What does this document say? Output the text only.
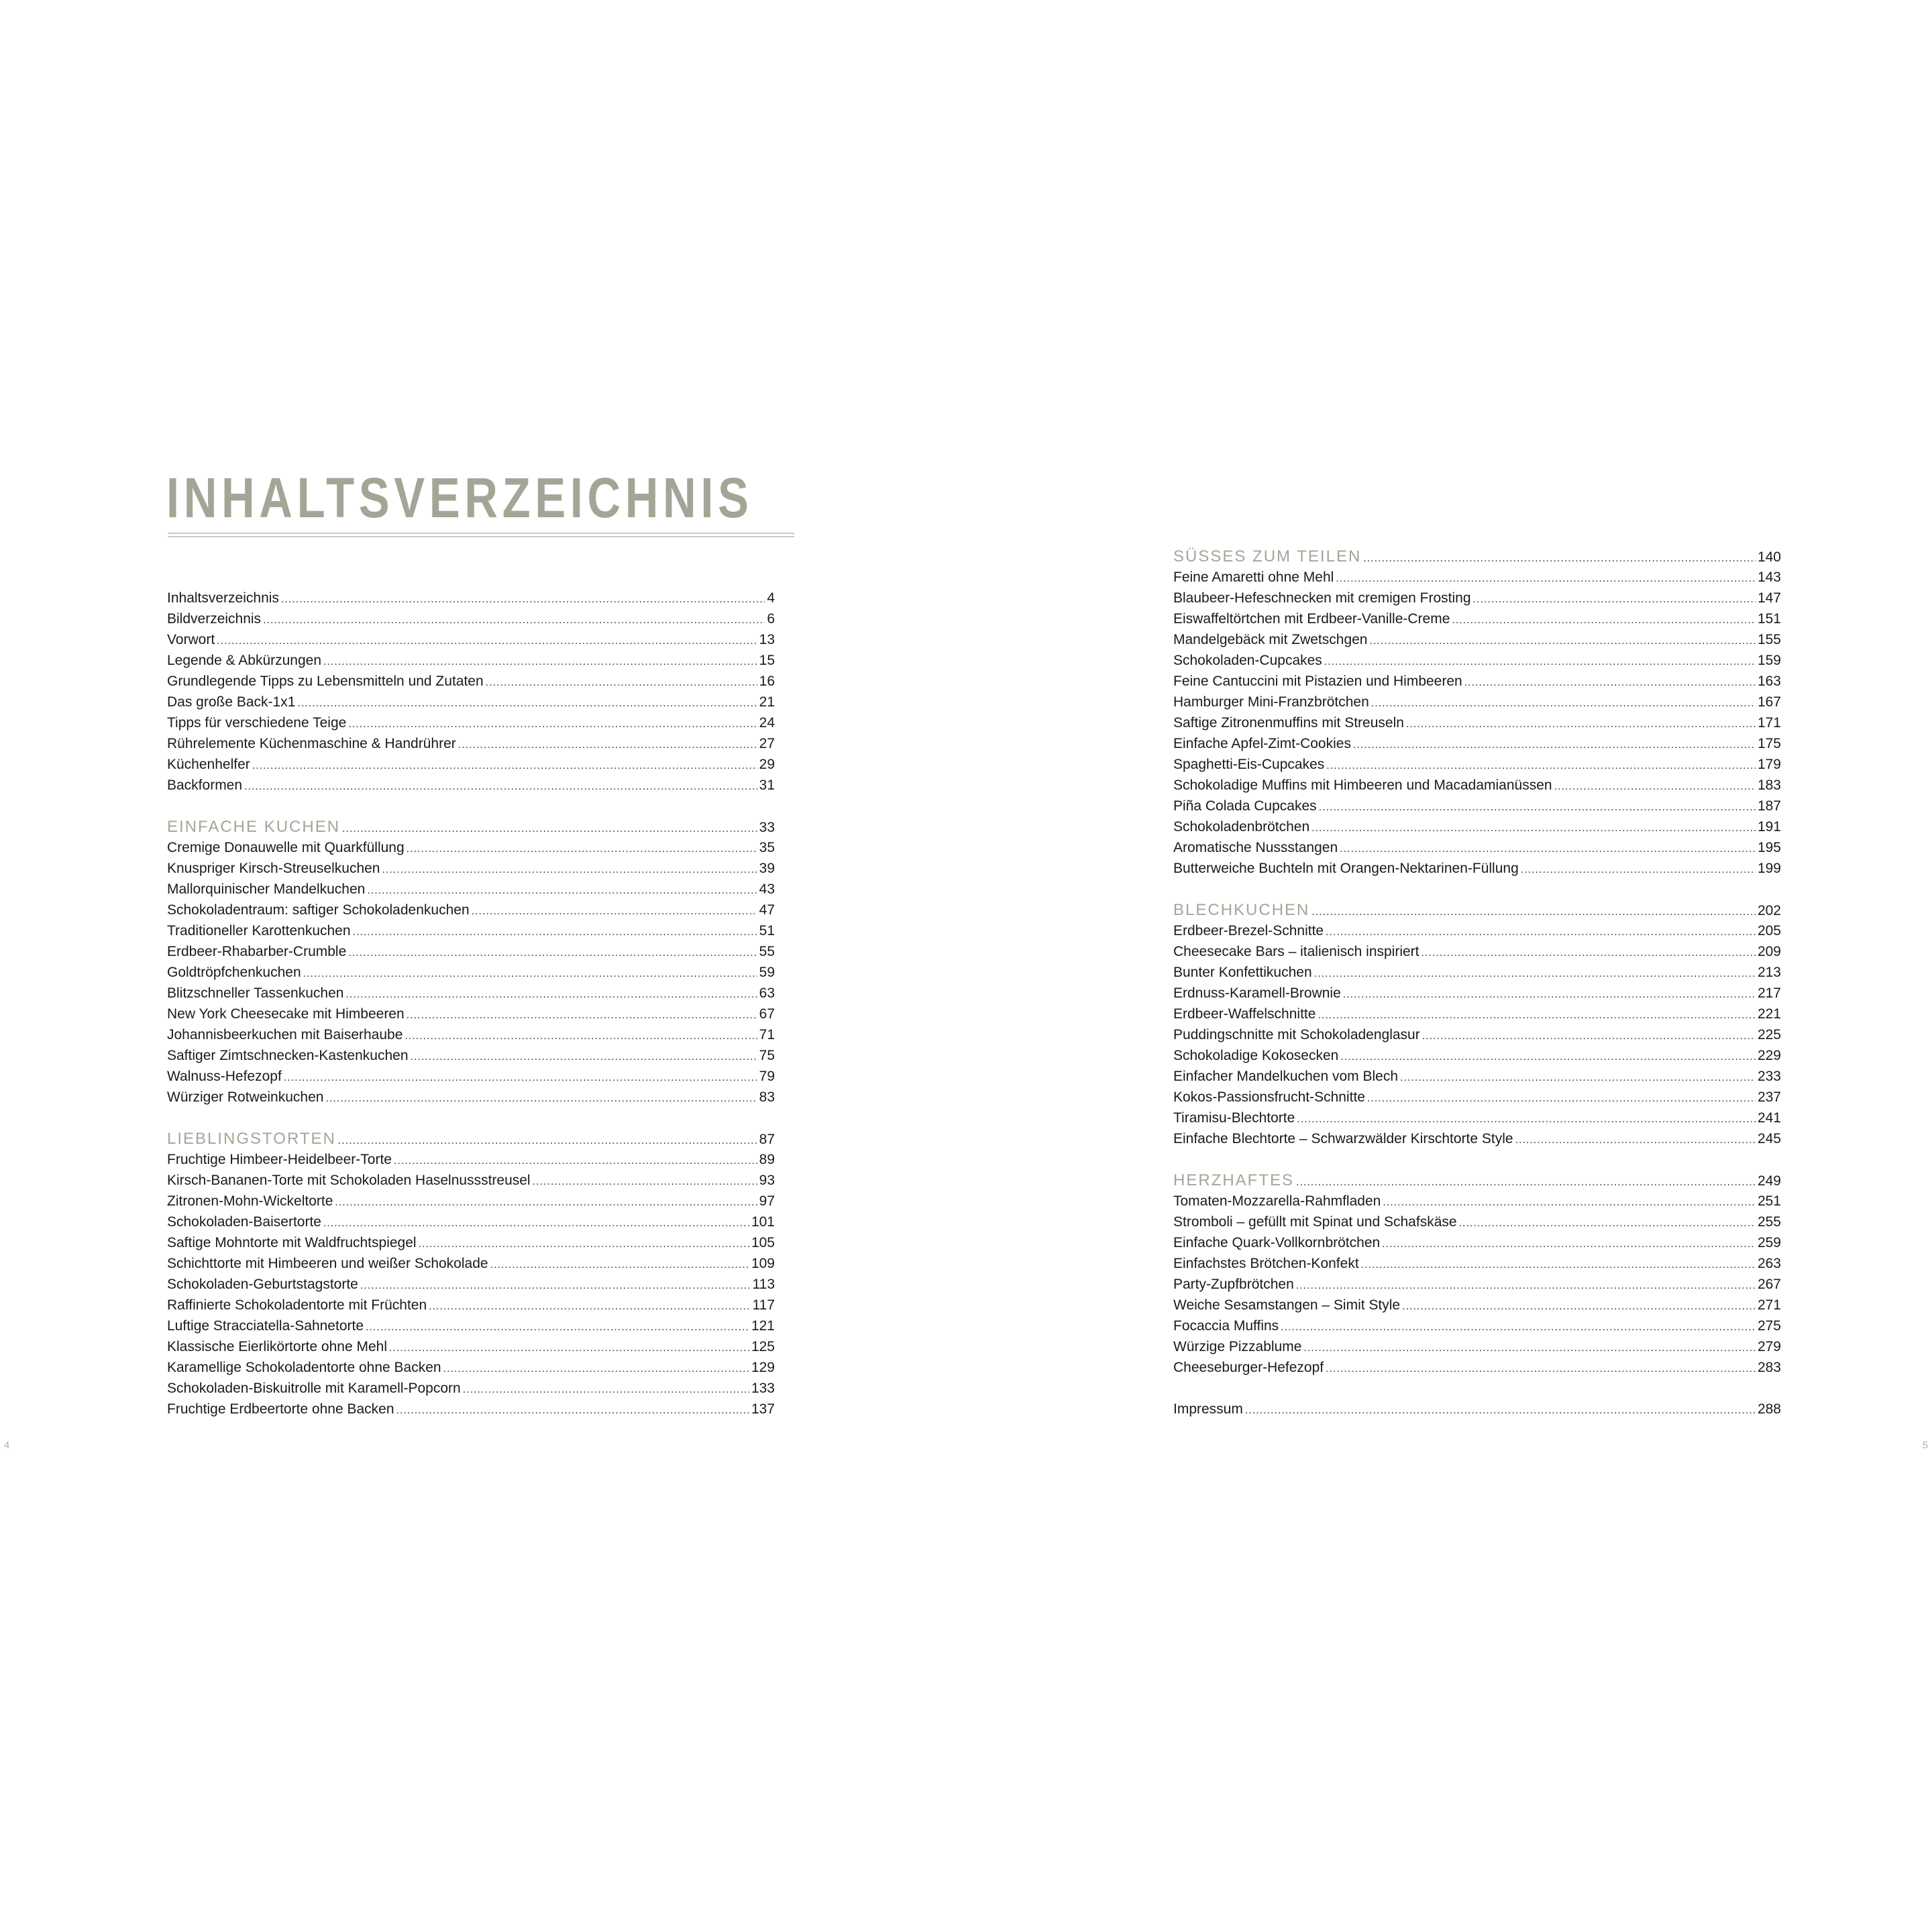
INHALTSVERZEICHNIS
Inhaltsverzeichnis .....	4
Bildverzeichnis .....	6
Vorwort .....	13
Legende & Abkürzungen .....	15
Grundlegende Tipps zu Lebensmitteln und Zutaten .....	16
Das große Back-1x1 .....	21
Tipps für verschiedene Teige .....	24
Rührelemente Küchenmaschine & Handrührer .....	27
Küchenhelfer .....	29
Backformen .....	31
EINFACHE KUCHEN .....	33
Cremige Donauwelle mit Quarkfüllung .....	35
Knuspriger Kirsch-Streuselkuchen .....	39
Mallorquinischer Mandelkuchen .....	43
Schokoladentraum: saftiger Schokoladenkuchen .....	47
Traditioneller Karottenkuchen .....	51
Erdbeer-Rhabarber-Crumble .....	55
Goldtröpfchenkuchen .....	59
Blitzschneller Tassenkuchen .....	63
New York Cheesecake mit Himbeeren .....	67
Johannisbeerkuchen mit Baiserhaube .....	71
Saftiger Zimtschnecken-Kastenkuchen .....	75
Walnuss-Hefezopf .....	79
Würziger Rotweinkuchen .....	83
LIEBLINGSTORTEN .....	87
Fruchtige Himbeer-Heidelbeer-Torte .....	89
Kirsch-Bananen-Torte mit Schokoladen Haselnussstreusel .....	93
Zitronen-Mohn-Wickeltorte .....	97
Schokoladen-Baisertorte .....	101
Saftige Mohntorte mit Waldfruchtspiegel .....	105
Schichttorte mit Himbeeren und weißer Schokolade .....	109
Schokoladen-Geburtstagstorte .....	113
Raffinierte Schokoladentorte mit Früchten .....	117
Luftige Stracciatella-Sahnetorte .....	121
Klassische Eierlikörtorte ohne Mehl .....	125
Karamellige Schokoladentorte ohne Backen .....	129
Schokoladen-Biskuitrolle mit Karamell-Popcorn .....	133
Fruchtige Erdbeertorte ohne Backen .....	137
SÜSSES ZUM TEILEN .....	140
Feine Amaretti ohne Mehl .....	143
Blaubeer-Hefeschnecken mit cremigen Frosting .....	147
Eiswaffeltörtchen mit Erdbeer-Vanille-Creme .....	151
Mandelgebäck mit Zwetschgen .....	155
Schokoladen-Cupcakes .....	159
Feine Cantuccini mit Pistazien und Himbeeren .....	163
Hamburger Mini-Franzbrötchen .....	167
Saftige Zitronenmuffins mit Streuseln .....	171
Einfache Apfel-Zimt-Cookies .....	175
Spaghetti-Eis-Cupcakes .....	179
Schokoladige Muffins mit Himbeeren und Macadamianüssen .....	183
Piña Colada Cupcakes .....	187
Schokoladenbrötchen .....	191
Aromatische Nussstangen .....	195
Butterweiche Buchteln mit Orangen-Nektarinen-Füllung .....	199
BLECHKUCHEN .....	202
Erdbeer-Brezel-Schnitte .....	205
Cheesecake Bars – italienisch inspiriert .....	209
Bunter Konfettikuchen .....	213
Erdnuss-Karamell-Brownie .....	217
Erdbeer-Waffelschnitte .....	221
Puddingschnitte mit Schokoladenglasur .....	225
Schokoladige Kokosecken .....	229
Einfacher Mandelkuchen vom Blech .....	233
Kokos-Passionsfrucht-Schnitte .....	237
Tiramisu-Blechtorte .....	241
Einfache Blechtorte – Schwarzwälder Kirschtorte Style .....	245
HERZHAFTES .....	249
Tomaten-Mozzarella-Rahmfladen .....	251
Stromboli – gefüllt mit Spinat und Schafskäse .....	255
Einfache Quark-Vollkornbrötchen .....	259
Einfachstes Brötchen-Konfekt .....	263
Party-Zupfbrötchen .....	267
Weiche Sesamstangen – Simit Style .....	271
Focaccia Muffins .....	275
Würzige Pizzablume .....	279
Cheeseburger-Hefezopf .....	283
Impressum .....	288
4	5
